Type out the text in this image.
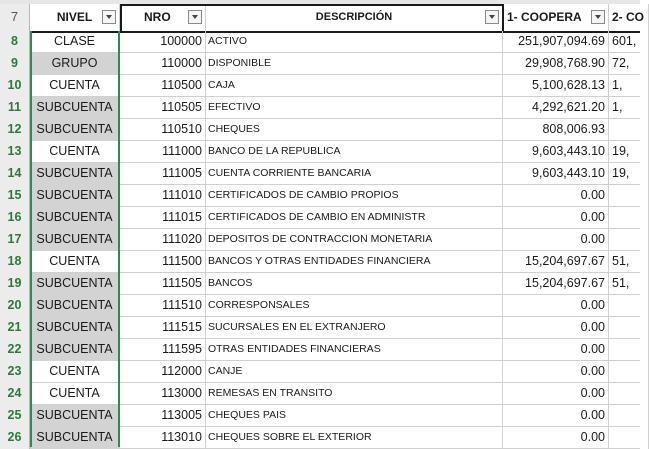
7	NIVEL	NRO	DESCRIPCIÓN	1- COOPERA	2- CO
8	CLASE	100000 ACTIVO	251,907,094.69 601,
9	GRUPO	110000 DISPONIBLE	29,908,768.90 72,
10	CUENTA	110500 CAJA	5,100,628.13 1,
11	SUBCUENTA	110505 EFECTIVO	4,292,621.20 1,
12	SUBCUENTA	110510 CHEQUES	808,006.93
13	CUENTA	111000 BANCO DE LA REPUBLICA	9,603,443.10 19,
14	SUBCUENTA	111005 CUENTA CORRIENTE BANCARIA	9,603,443.10 19,
15	SUBCUENTA	111010 CERTIFICADOS DE CAMBIO PROPIOS	0.00
16	SUBCUENTA	111015 CERTIFICADOS DE CAMBIO EN ADMINISTR	0.00
17	SUBCUENTA	111020 DEPOSITOS DE CONTRACCION MONETARIA	0.00
18	CUENTA	111500 BANCOS Y OTRAS ENTIDADES FINANCIERA	15,204,697.67 51,
19	SUBCUENTA	111505 BANCOS	15,204,697.67 51,
20	SUBCUENTA	111510 CORRESPONSALES	0.00
21	SUBCUENTA	111515 SUCURSALES EN EL EXTRANJERO	0.00
22	SUBCUENTA	111595 OTRAS ENTIDADES FINANCIERAS	0.00
23	CUENTA	112000 CANJE	0.00
24	CUENTA	113000 REMESAS EN TRANSITO	0.00
25	SUBCUENTA	113005 CHEQUES PAIS	0.00
26	SUBCUENTA	113010 CHEQUES SOBRE EL EXTERIOR	0.00
